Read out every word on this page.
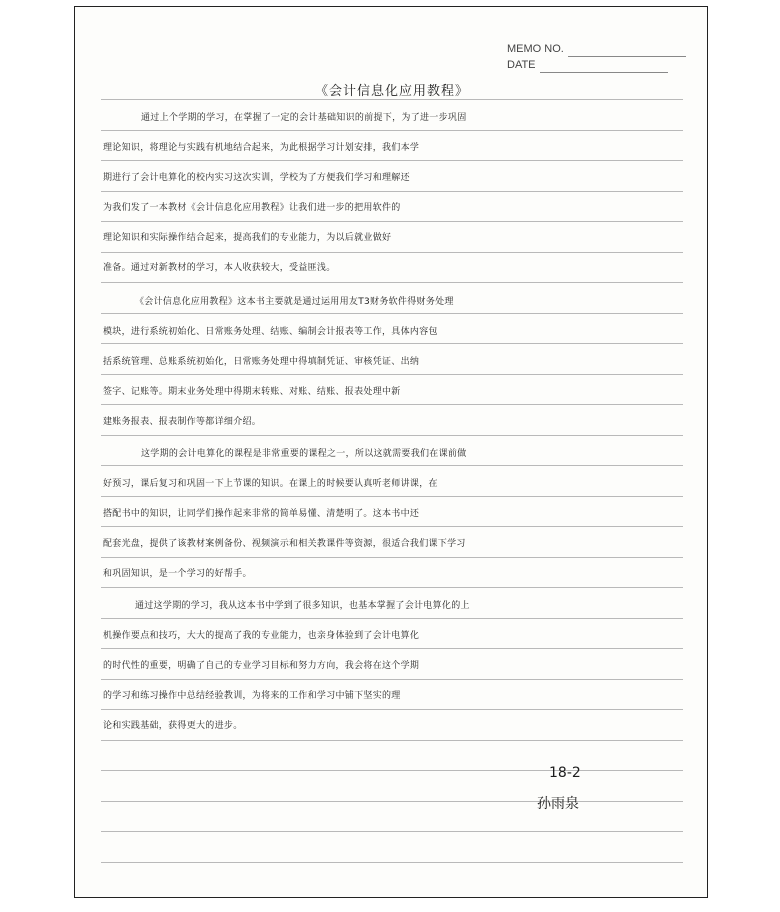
MEMO NO.
DATE
《会计信息化应用教程》
通过上个学期的学习，在掌握了一定的会计基础知识的前提下，为了进一步巩固
理论知识，将理论与实践有机地结合起来，为此根据学习计划安排，我们本学
期进行了会计电算化的校内实习这次实训，学校为了方便我们学习和理解还
为我们发了一本教材《会计信息化应用教程》让我们进一步的把用软件的
理论知识和实际操作结合起来，提高我们的专业能力，为以后就业做好
准备。通过对新教材的学习，本人收获较大，受益匪浅。
《会计信息化应用教程》这本书主要就是通过运用用友T3财务软件得财务处理
模块，进行系统初始化、日常账务处理、结账、编制会计报表等工作，具体内容包
括系统管理、总账系统初始化，日常账务处理中得填制凭证、审核凭证、出纳
签字、记账等。期末业务处理中得期末转账、对账、结账、报表处理中新
建账务报表、报表制作等都详细介绍。
这学期的会计电算化的课程是非常重要的课程之一，所以这就需要我们在课前做
好预习，课后复习和巩固一下上节课的知识。在课上的时候要认真听老师讲课，在
搭配书中的知识，让同学们操作起来非常的简单易懂、清楚明了。这本书中还
配套光盘，提供了该教材案例备份、视频演示和相关教课件等资源，很适合我们课下学习
和巩固知识，是一个学习的好帮手。
通过这学期的学习，我从这本书中学到了很多知识，也基本掌握了会计电算化的上
机操作要点和技巧，大大的提高了我的专业能力，也亲身体验到了会计电算化
的时代性的重要，明确了自己的专业学习目标和努力方向，我会将在这个学期
的学习和练习操作中总结经验教训，为将来的工作和学习中铺下坚实的理
论和实践基础，获得更大的进步。
18-2
孙雨泉
